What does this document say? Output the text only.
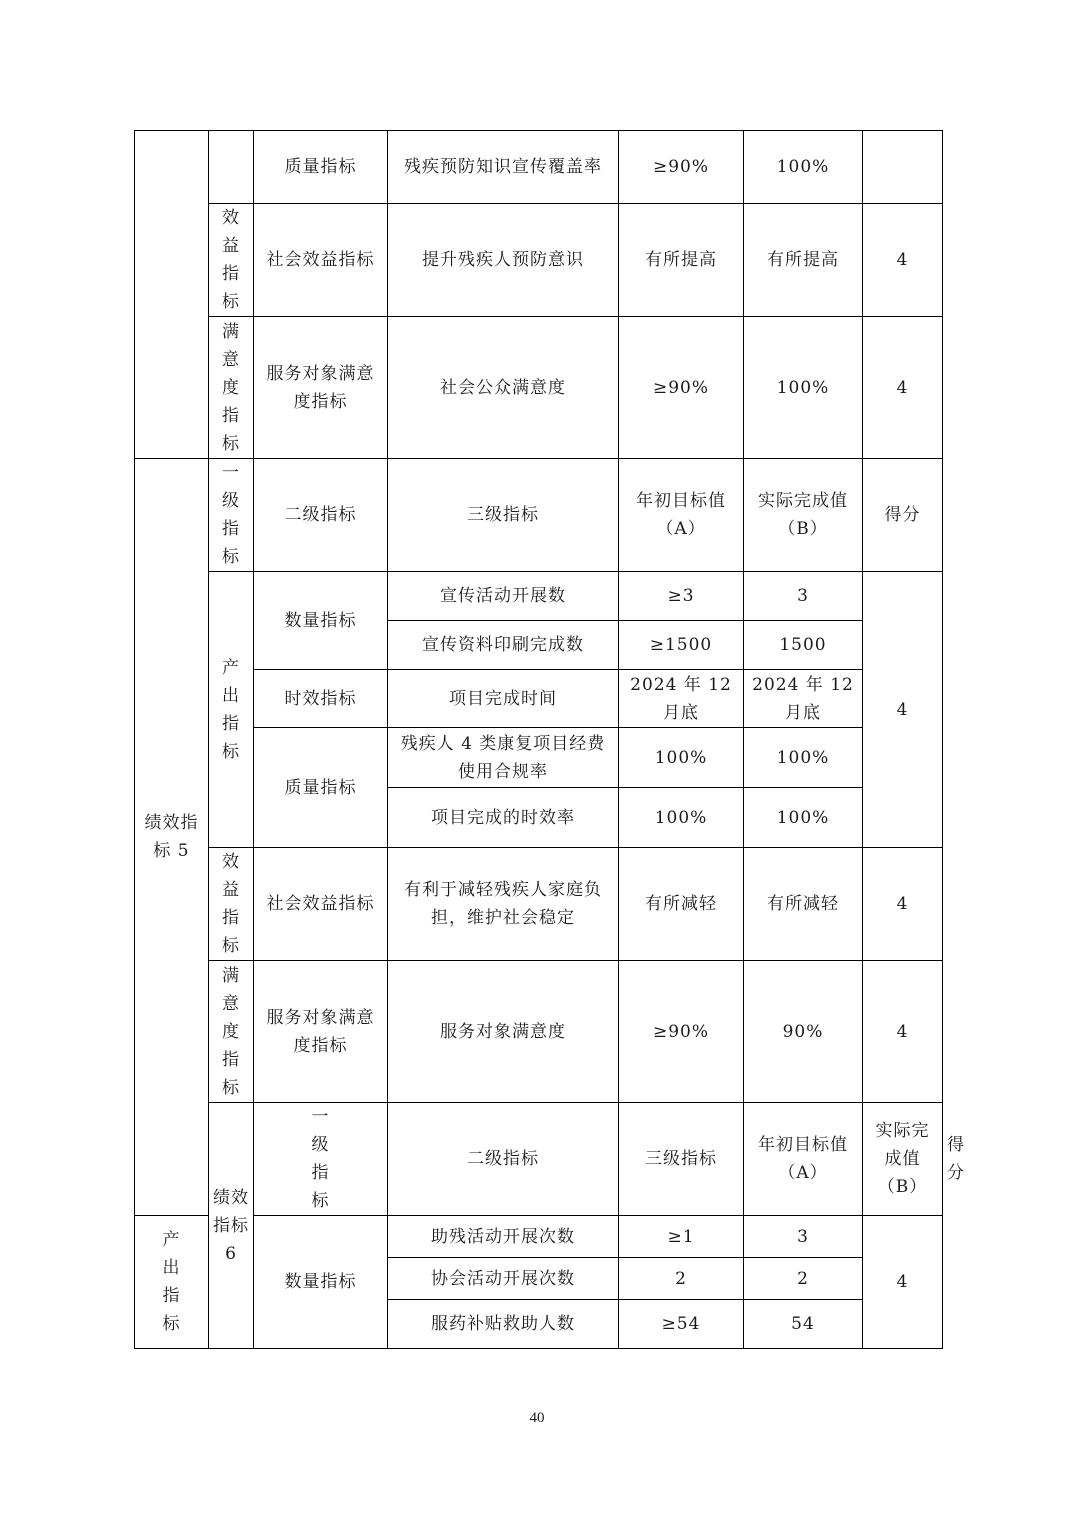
		质量指标	残疾预防知识宣传覆盖率	≥90%	100%		
	效益指标	社会效益指标	提升残疾人预防意识	有所提高	有所提高	4	
	满意度指标	服务对象满意度指标	社会公众满意度	≥90%	100%	4	
绩效指标 5	一级指标	二级指标	三级指标	年初目标值（A）	实际完成值（B）	得分	
	产出指标	数量指标	宣传活动开展数	≥3	3	4	
			宣传资料印刷完成数	≥1500	1500		
		时效指标	项目完成时间	2024 年 12 月底	2024 年 12 月底		
		质量指标	残疾人 4 类康复项目经费使用合规率	100%	100%		
			项目完成的时效率	100%	100%		
	效益指标	社会效益指标	有利于减轻残疾人家庭负担，维护社会稳定	有所减轻	有所减轻	4	
	满意度指标	服务对象满意度指标	服务对象满意度	≥90%	90%	4	
	绩效指标 6	一级指标	二级指标	三级指标	年初目标值（A）	实际完成值（B）	得分
产出指标		数量指标	助残活动开展次数	≥1	3	4	
			协会活动开展次数	2	2		
			服药补贴救助人数	≥54	54		
40
